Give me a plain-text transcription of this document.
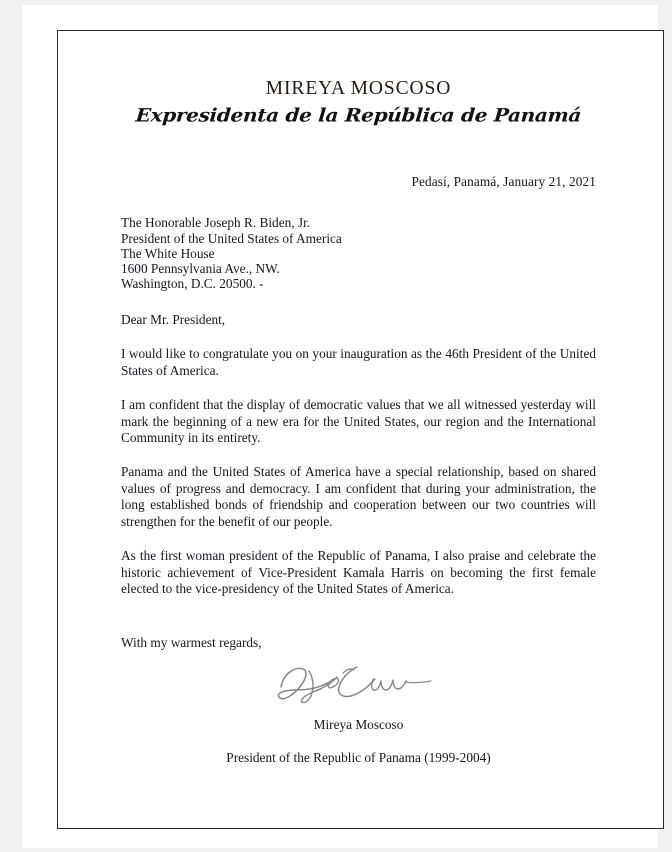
MIREYA MOSCOSO
Expresidenta de la República de Panamá
Pedasí, Panamá, January 21, 2021
The Honorable Joseph R. Biden, Jr.
President of the United States of America
The White House
1600 Pennsylvania Ave., NW.
Washington, D.C. 20500. -
Dear Mr. President,

I would like to congratulate you on your inauguration as the 46th President of the United States of America.

I am confident that the display of democratic values that we all witnessed yesterday will mark the beginning of a new era for the United States, our region and the International Community in its entirety.

Panama and the United States of America have a special relationship, based on shared values of progress and democracy. I am confident that during your administration, the long established bonds of friendship and cooperation between our two countries will strengthen for the benefit of our people.

As the first woman president of the Republic of Panama, I also praise and celebrate the historic achievement of Vice-President Kamala Harris on becoming the first female elected to the vice-presidency of the United States of America.

With my warmest regards,
Mireya Moscoso
President of the Republic of Panama (1999-2004)
